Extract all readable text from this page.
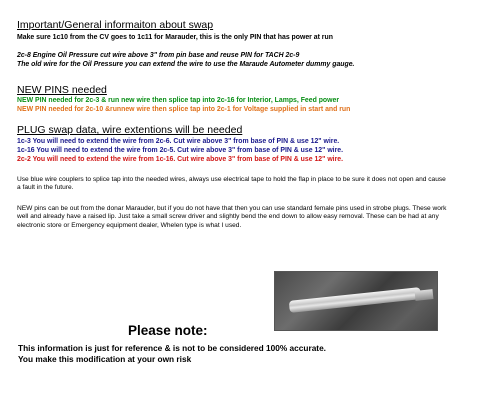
Important/General informaiton about swap
Make sure 1c10 from the CV goes to 1c11 for Marauder, this is the only PIN that has power at run
2c-8 Engine Oil Pressure cut wire above 3" from pin base and reuse PIN for TACH 2c-9
The old wire for the Oil Pressure you can extend the wire to use the Maraude Autometer dummy gauge.
NEW PINS needed
NEW PIN needed for 2c-3 & run new wire then splice tap into 2c-16 for Interior, Lamps, Feed power
NEW PIN needed for 2c-10 &runnew wire then splice tap into 2c-1 for Voltage supplied in start and run
PLUG swap data, wire extentions will be needed
1c-3 You will need to extend the wire from 2c-6. Cut wire above 3" from base of PIN & use 12" wire.
1c-16 You will need to extend the wire from 2c-5. Cut wire above 3" from base of PIN & use 12" wire.
2c-2 You will need to extend the wire from 1c-16. Cut wire above 3" from base of PIN & use 12" wire.
Use blue wire couplers to splice tap into the needed wires, always use electrical tape to hold the flap in place to be sure it does not open and cause a fault in the future.
NEW pins can be out from the donar Marauder, but if you do not have that then you can use standard female pins used in strobe plugs. These work well and already have a raised lip. Just take a small screw driver and slightly bend the end down to allow easy removal. These can be had at any electronic store or Emergency equipment dealer, Whelen type is what I used.
Please note:
This information is just for reference & is not to be considered 100% accurate.
You make this modification at your own risk
